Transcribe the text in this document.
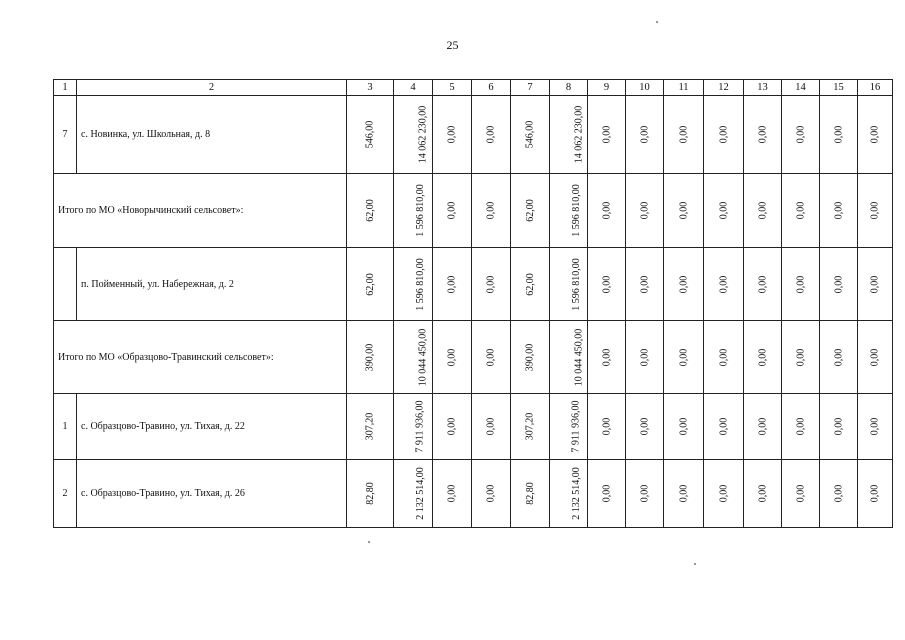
25
1	2	3	4	5	6	7	8	9	10	11	12	13	14	15	16
7	с. Новинка, ул. Школьная, д. 8	546,00	14 062 230,00	0,00	0,00	546,00	14 062 230,00	0,00	0,00	0,00	0,00	0,00	0,00	0,00	0,00
Итого по МО «Новорычинский сельсовет»:		62,00	1 596 810,00	0,00	0,00	62,00	1 596 810,00	0,00	0,00	0,00	0,00	0,00	0,00	0,00	0,00
	п. Пойменный, ул. Набережная, д. 2	62,00	1 596 810,00	0,00	0,00	62,00	1 596 810,00	0,00	0,00	0,00	0,00	0,00	0,00	0,00	0,00
Итого по МО «Образцово-Травинский сельсовет»:		390,00	10 044 450,00	0,00	0,00	390,00	10 044 450,00	0,00	0,00	0,00	0,00	0,00	0,00	0,00	0,00
1	с. Образцово-Травино, ул. Тихая, д. 22	307,20	7 911 936,00	0,00	0,00	307,20	7 911 936,00	0,00	0,00	0,00	0,00	0,00	0,00	0,00	0,00
2	с. Образцово-Травино, ул. Тихая, д. 26	82,80	2 132 514,00	0,00	0,00	82,80	2 132 514,00	0,00	0,00	0,00	0,00	0,00	0,00	0,00	0,00
